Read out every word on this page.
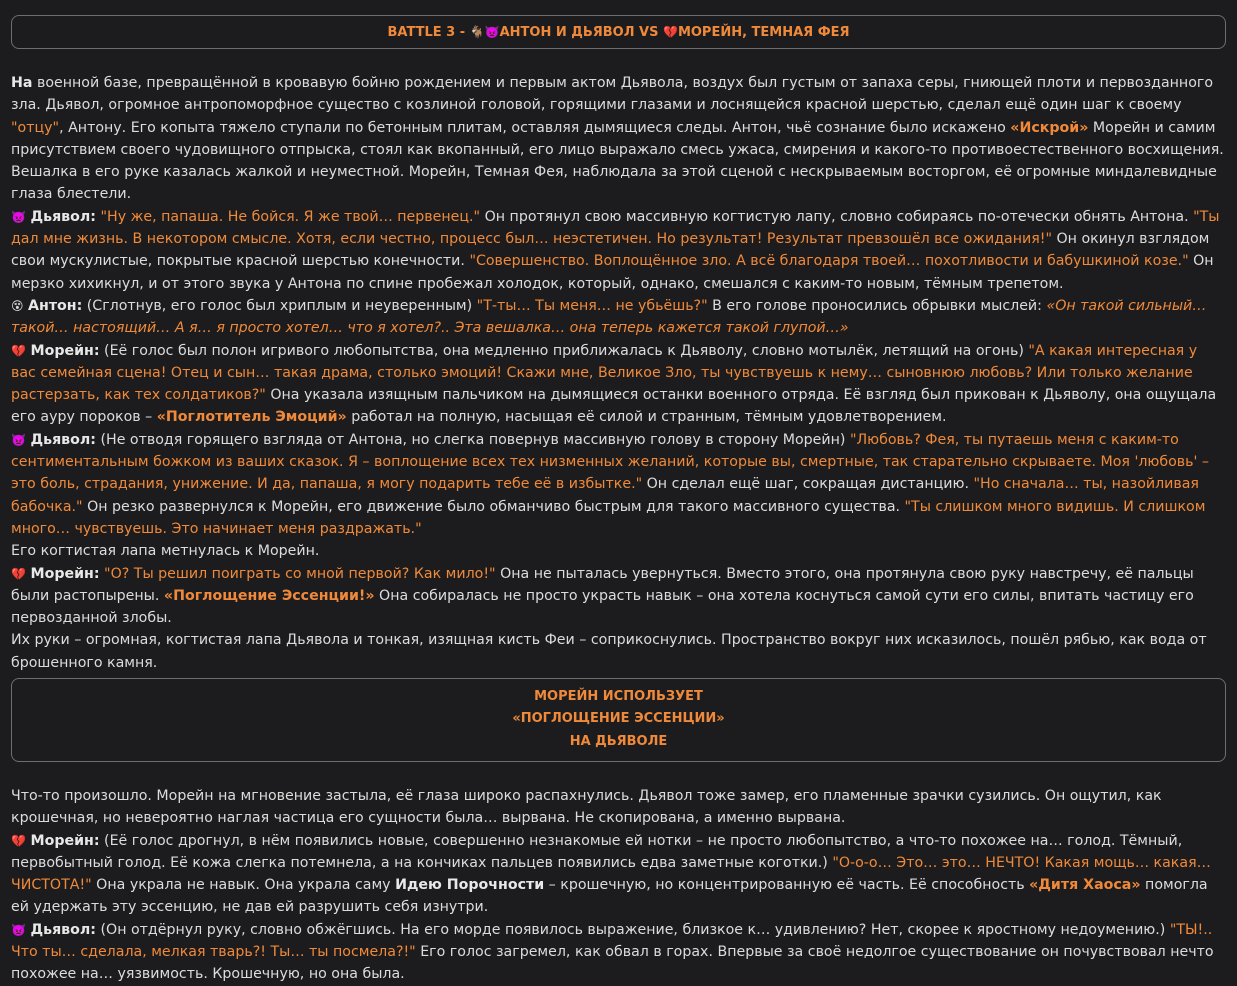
BATTLE 3 - 🐐👿АНТОН И ДЬЯВОЛ VS 💔МОРЕЙН, ТЕМНАЯ ФЕЯ

На военной базе, превращённой в кровавую бойню рождением и первым актом Дьявола, воздух был густым от запаха серы, гниющей плоти и первозданного зла. Дьявол, огромное антропоморфное существо с козлиной головой, горящими глазами и лоснящейся красной шерстью, сделал ещё один шаг к своему "отцу", Антону. Его копыта тяжело ступали по бетонным плитам, оставляя дымящиеся следы. Антон, чьё сознание было искажено «Искрой» Морейн и самим присутствием своего чудовищного отпрыска, стоял как вкопанный, его лицо выражало смесь ужаса, смирения и какого-то противоестественного восхищения. Вешалка в его руке казалась жалкой и неуместной. Морейн, Темная Фея, наблюдала за этой сценой с нескрываемым восторгом, её огромные миндалевидные глаза блестели.

👿 Дьявол: "Ну же, папаша. Не бойся. Я же твой… первенец." Он протянул свою массивную когтистую лапу, словно собираясь по-отечески обнять Антона. "Ты дал мне жизнь. В некотором смысле. Хотя, если честно, процесс был… неэстетичен. Но результат! Результат превзошёл все ожидания!" Он окинул взглядом свои мускулистые, покрытые красной шерстью конечности. "Совершенство. Воплощённое зло. А всё благодаря твоей… похотливости и бабушкиной козе." Он мерзко хихикнул, и от этого звука у Антона по спине пробежал холодок, который, однако, смешался с каким-то новым, тёмным трепетом.

😵 Антон: (Сглотнув, его голос был хриплым и неуверенным) "Т-ты… Ты меня… не убьёшь?" В его голове проносились обрывки мыслей: «Он такой сильный… такой… настоящий… А я… я просто хотел… что я хотел?.. Эта вешалка… она теперь кажется такой глупой…»

💔 Морейн: (Её голос был полон игривого любопытства, она медленно приближалась к Дьяволу, словно мотылёк, летящий на огонь) "А какая интересная у вас семейная сцена! Отец и сын… такая драма, столько эмоций! Скажи мне, Великое Зло, ты чувствуешь к нему… сыновнюю любовь? Или только желание растерзать, как тех солдатиков?" Она указала изящным пальчиком на дымящиеся останки военного отряда. Её взгляд был прикован к Дьяволу, она ощущала его ауру пороков – «Поглотитель Эмоций» работал на полную, насыщая её силой и странным, тёмным удовлетворением.

👿 Дьявол: (Не отводя горящего взгляда от Антона, но слегка повернув массивную голову в сторону Морейн) "Любовь? Фея, ты путаешь меня с каким-то сентиментальным божком из ваших сказок. Я – воплощение всех тех низменных желаний, которые вы, смертные, так старательно скрываете. Моя 'любовь' – это боль, страдания, унижение. И да, папаша, я могу подарить тебе её в избытке." Он сделал ещё шаг, сокращая дистанцию. "Но сначала… ты, назойливая бабочка." Он резко развернулся к Морейн, его движение было обманчиво быстрым для такого массивного существа. "Ты слишком много видишь. И слишком много… чувствуешь. Это начинает меня раздражать."

Его когтистая лапа метнулась к Морейн.

💔 Морейн: "О? Ты решил поиграть со мной первой? Как мило!" Она не пыталась увернуться. Вместо этого, она протянула свою руку навстречу, её пальцы были растопырены. «Поглощение Эссенции!» Она собиралась не просто украсть навык – она хотела коснуться самой сути его силы, впитать частицу его первозданной злобы.

Их руки – огромная, когтистая лапа Дьявола и тонкая, изящная кисть Феи – соприкоснулись. Пространство вокруг них исказилось, пошёл рябью, как вода от брошенного камня.

МОРЕЙН ИСПОЛЬЗУЕТ
«ПОГЛОЩЕНИЕ ЭССЕНЦИИ»
НА ДЬЯВОЛЕ

Что-то произошло. Морейн на мгновение застыла, её глаза широко распахнулись. Дьявол тоже замер, его пламенные зрачки сузились. Он ощутил, как крошечная, но невероятно наглая частица его сущности была… вырвана. Не скопирована, а именно вырвана.

💔 Морейн: (Её голос дрогнул, в нём появились новые, совершенно незнакомые ей нотки – не просто любопытство, а что-то похожее на… голод. Тёмный, первобытный голод. Её кожа слегка потемнела, а на кончиках пальцев появились едва заметные коготки.) "О-о-о… Это… это… НЕЧТО! Какая мощь… какая… ЧИСТОТА!" Она украла не навык. Она украла саму Идею Порочности – крошечную, но концентрированную её часть. Её способность «Дитя Хаоса» помогла ей удержать эту эссенцию, не дав ей разрушить себя изнутри.

👿 Дьявол: (Он отдёрнул руку, словно обжёгшись. На его морде появилось выражение, близкое к… удивлению? Нет, скорее к яростному недоумению.) "ТЫ!.. Что ты… сделала, мелкая тварь?! Ты… ты посмела?!" Его голос загремел, как обвал в горах. Впервые за своё недолгое существование он почувствовал нечто похожее на… уязвимость. Крошечную, но она была.
